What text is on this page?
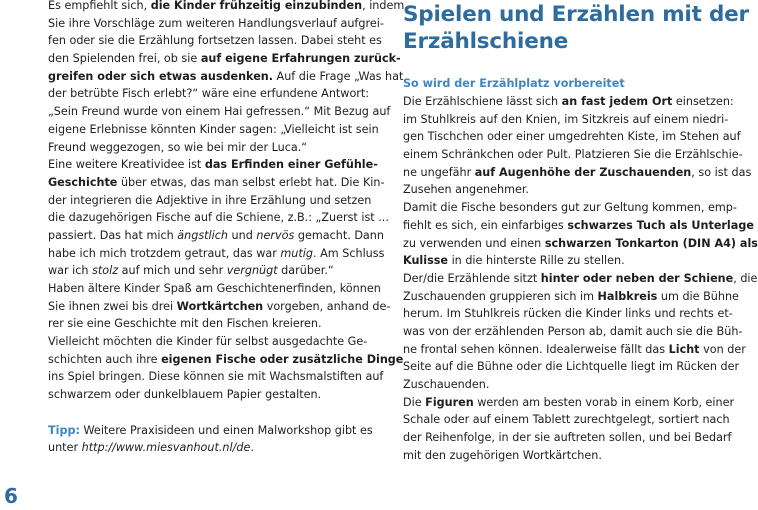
Es empfiehlt sich, die Kinder frühzeitig einzubinden, indem
Sie ihre Vorschläge zum weiteren Handlungsverlauf aufgrei-
fen oder sie die Erzählung fortsetzen lassen. Dabei steht es
den Spielenden frei, ob sie auf eigene Erfahrungen zurück-
greifen oder sich etwas ausdenken. Auf die Frage „Was hat
der betrübte Fisch erlebt?“ wäre eine erfundene Antwort:
„Sein Freund wurde von einem Hai gefressen.“ Mit Bezug auf
eigene Erlebnisse könnten Kinder sagen: „Vielleicht ist sein
Freund weggezogen, so wie bei mir der Luca.“
Eine weitere Kreatividee ist das Erfinden einer Gefühle-
Geschichte über etwas, das man selbst erlebt hat. Die Kin-
der integrieren die Adjektive in ihre Erzählung und setzen
die dazugehörigen Fische auf die Schiene, z.B.: „Zuerst ist ...
passiert. Das hat mich ängstlich und nervös gemacht. Dann
habe ich mich trotzdem getraut, das war mutig. Am Schluss
war ich stolz auf mich und sehr vergnügt darüber.“
Haben ältere Kinder Spaß am Geschichtenerfinden, können
Sie ihnen zwei bis drei Wortkärtchen vorgeben, anhand de-
rer sie eine Geschichte mit den Fischen kreieren.
Vielleicht möchten die Kinder für selbst ausgedachte Ge-
schichten auch ihre eigenen Fische oder zusätzliche Dinge
ins Spiel bringen. Diese können sie mit Wachsmalstiften auf
schwarzem oder dunkelblauem Papier gestalten.
Tipp: Weitere Praxisideen und einen Malworkshop gibt es
unter http://www.miesvanhout.nl/de.
Spielen und Erzählen mit der
Erzählschiene
So wird der Erzählplatz vorbereitet
Die Erzählschiene lässt sich an fast jedem Ort einsetzen:
im Stuhlkreis auf den Knien, im Sitzkreis auf einem niedri-
gen Tischchen oder einer umgedrehten Kiste, im Stehen auf
einem Schränkchen oder Pult. Platzieren Sie die Erzählschie-
ne ungefähr auf Augenhöhe der Zuschauenden, so ist das
Zusehen angenehmer.
Damit die Fische besonders gut zur Geltung kommen, emp-
fiehlt es sich, ein einfarbiges schwarzes Tuch als Unterlage
zu verwenden und einen schwarzen Tonkarton (DIN A4) als
Kulisse in die hinterste Rille zu stellen.
Der/die Erzählende sitzt hinter oder neben der Schiene, die
Zuschauenden gruppieren sich im Halbkreis um die Bühne
herum. Im Stuhlkreis rücken die Kinder links und rechts et-
was von der erzählenden Person ab, damit auch sie die Büh-
ne frontal sehen können. Idealerweise fällt das Licht von der
Seite auf die Bühne oder die Lichtquelle liegt im Rücken der
Zuschauenden.
Die Figuren werden am besten vorab in einem Korb, einer
Schale oder auf einem Tablett zurechtgelegt, sortiert nach
der Reihenfolge, in der sie auftreten sollen, und bei Bedarf
mit den zugehörigen Wortkärtchen.
6
